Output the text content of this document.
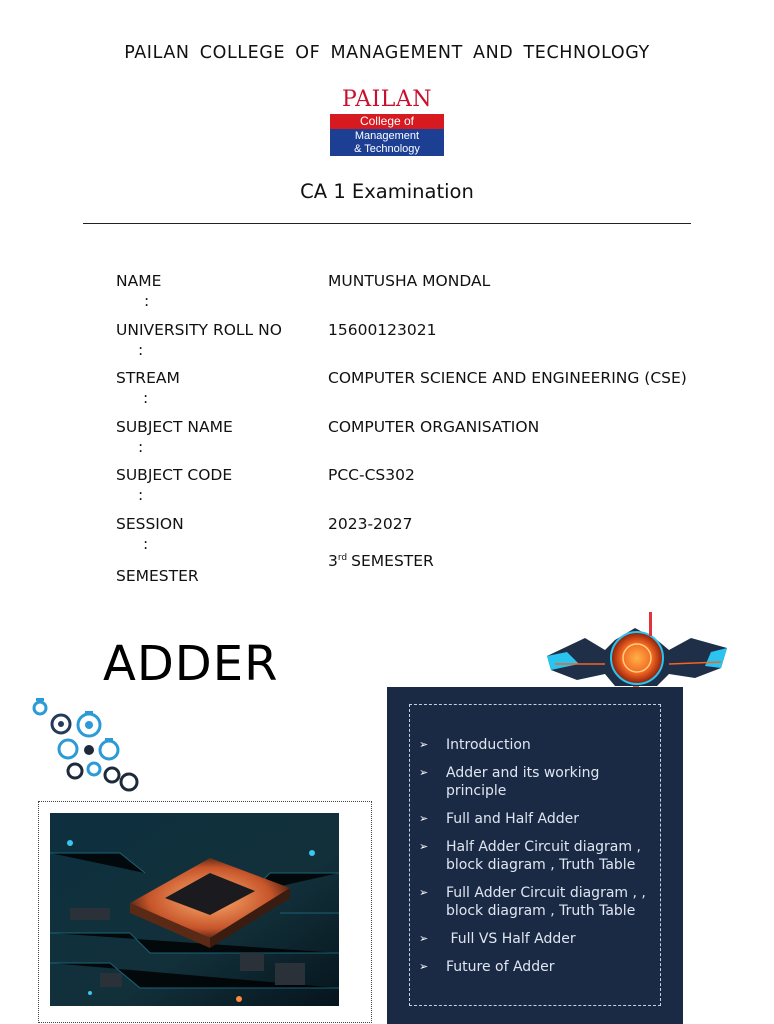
PAILAN COLLEGE OF MANAGEMENT AND TECHNOLOGY
PAILAN
College of
Management
& Technology
CA 1 Examination
NAME
:
MUNTUSHA MONDAL
UNIVERSITY ROLL NO
:
15600123021
STREAM
:
COMPUTER SCIENCE AND ENGINEERING (CSE)
SUBJECT NAME
:
COMPUTER ORGANISATION
SUBJECT CODE
:
PCC-CS302
SESSION
:
2023-2027
3rd SEMESTER
SEMESTER
ADDER
➢ Introduction
➢ Adder and its working principle
➢ Full and Half Adder
➢ Half Adder Circuit diagram , block diagram , Truth Table
➢ Full Adder Circuit diagram , , block diagram , Truth Table
➢ Full VS Half Adder
➢ Future of Adder
